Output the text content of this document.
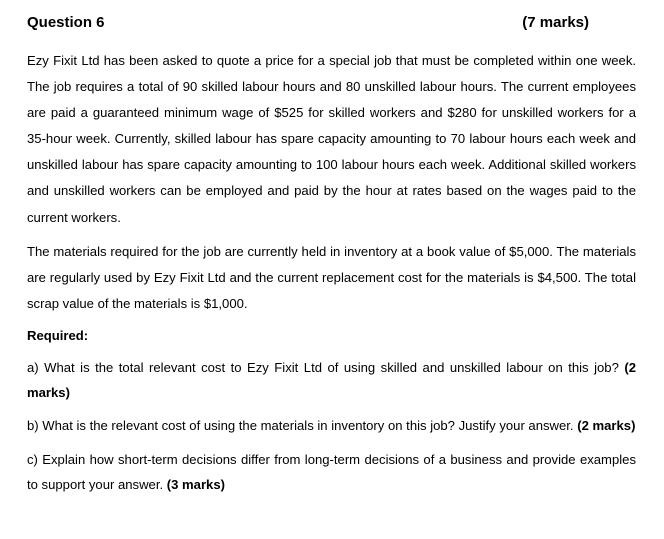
Question 6	(7 marks)

Ezy Fixit Ltd has been asked to quote a price for a special job that must be completed within one week. The job requires a total of 90 skilled labour hours and 80 unskilled labour hours. The current employees are paid a guaranteed minimum wage of $525 for skilled workers and $280 for unskilled workers for a 35-hour week. Currently, skilled labour has spare capacity amounting to 70 labour hours each week and unskilled labour has spare capacity amounting to 100 labour hours each week. Additional skilled workers and unskilled workers can be employed and paid by the hour at rates based on the wages paid to the current workers.

The materials required for the job are currently held in inventory at a book value of $5,000. The materials are regularly used by Ezy Fixit Ltd and the current replacement cost for the materials is $4,500. The total scrap value of the materials is $1,000.

Required:

a) What is the total relevant cost to Ezy Fixit Ltd of using skilled and unskilled labour on this job? (2 marks)

b) What is the relevant cost of using the materials in inventory on this job? Justify your answer. (2 marks)

c) Explain how short-term decisions differ from long-term decisions of a business and provide examples to support your answer. (3 marks)
